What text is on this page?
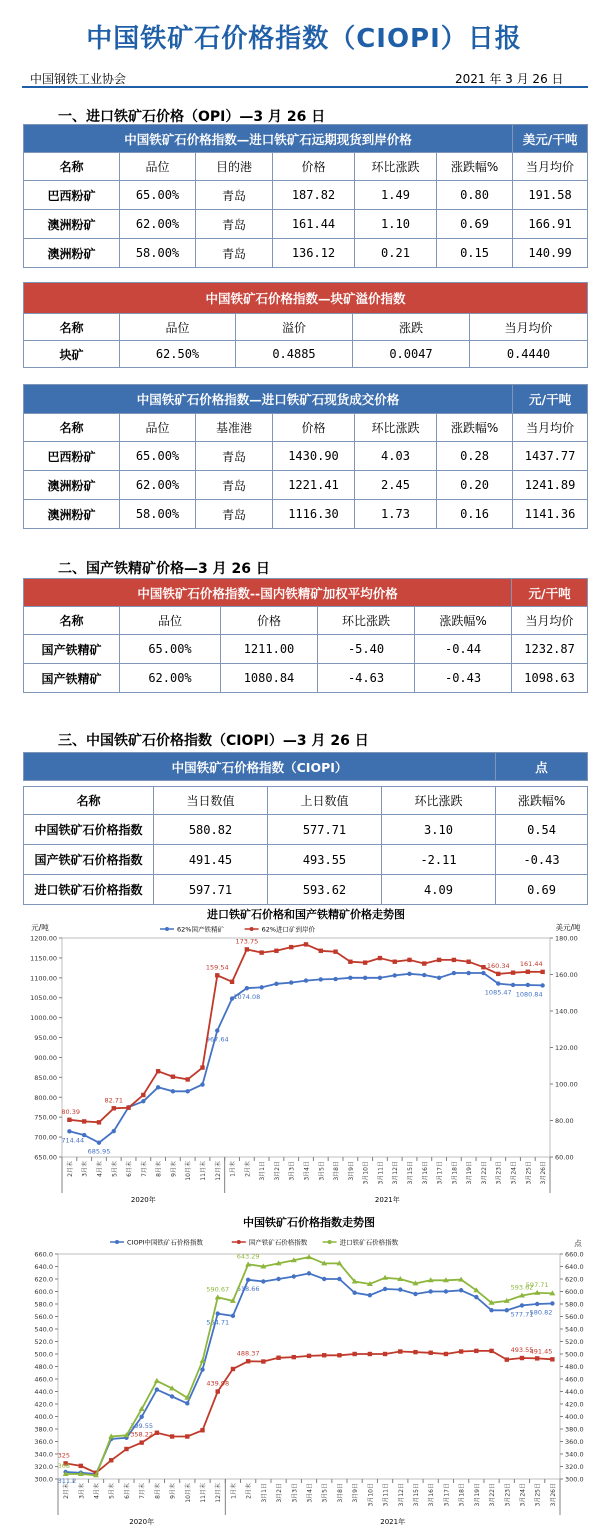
中国铁矿石价格指数（CIOPI）日报
中国钢铁工业协会	2021 年 3 月 26 日
一、进口铁矿石价格（OPI）—3 月 26 日
中国铁矿石价格指数—进口铁矿石远期现货到岸价格						美元/干吨
名称	品位	目的港	价格	环比涨跌	涨跌幅%	当月均价
巴西粉矿	65.00%	青岛	187.82	1.49	0.80	191.58
澳洲粉矿	62.00%	青岛	161.44	1.10	0.69	166.91
澳洲粉矿	58.00%	青岛	136.12	0.21	0.15	140.99
中国铁矿石价格指数—块矿溢价指数				
名称	品位	溢价	涨跌	当月均价
块矿	62.50%	0.4885	0.0047	0.4440
中国铁矿石价格指数—进口铁矿石现货成交价格						元/干吨
名称	品位	基准港	价格	环比涨跌	涨跌幅%	当月均价
巴西粉矿	65.00%	青岛	1430.90	4.03	0.28	1437.77
澳洲粉矿	62.00%	青岛	1221.41	2.45	0.20	1241.89
澳洲粉矿	58.00%	青岛	1116.30	1.73	0.16	1141.36
二、国产铁精矿价格—3 月 26 日
中国铁矿石价格指数--国内铁精矿加权平均价格					元/干吨
名称	品位	价格	环比涨跌	涨跌幅%	当月均价
国产铁精矿	65.00%	1211.00	-5.40	-0.44	1232.87
国产铁精矿	62.00%	1080.84	-4.63	-0.43	1098.63
三、中国铁矿石价格指数（CIOPI）—3 月 26 日
中国铁矿石价格指数（CIOPI）				点

名称	当日数值	上日数值	环比涨跌	涨跌幅%
中国铁矿石价格指数	580.82	577.71	3.10	0.54
国产铁矿石价格指数	491.45	493.55	-2.11	-0.43
进口铁矿石价格指数	597.71	593.62	4.09	0.69
进口铁矿石价格和国产铁精矿价格走势图
650.00
700.00
750.00
800.00
850.00
900.00
950.00
1000.00
1050.00
1100.00
1150.00
1200.00
60.00
80.00
100.00
120.00
140.00
160.00
180.00
元/吨	美元/吨
2月末 3月末 4月末 5月末 6月末 7月末 8月末 9月末 10月末 11月末 12月末 1月末 2月末 3月1日 3月2日 3月3日 3月4日 3月5日 3月8日 3月9日 3月10日 3月11日 3月12日 3月15日 3月16日 3月17日 3月18日 3月19日 3月22日 3月23日 3月24日 3月25日 3月26日
2020年	2021年
62%国产铁精矿	62%进口矿到岸价
714.44
685.95
967.64
1074.08
1085.47 1080.84
80.39
82.71
159.54
173.75
160.34 161.44
中国铁矿石价格指数走势图
300.0
320.0
340.0
360.0
380.0
400.0
420.0
440.0
460.0
480.0
500.0
520.0
540.0
560.0
580.0
600.0
620.0
640.0
660.0
300.0
320.0
340.0
360.0
380.0
400.0
420.0
440.0
460.0
480.0
500.0
520.0
540.0
560.0
580.0
600.0
620.0
640.0
660.0
点
2月末 3月末 4月末 5月末 6月末 7月末 8月末 9月末 10月末 11月末 12月末 1月末 2月末 3月1日 3月2日 3月3日 3月4日 3月5日 3月8日 3月9日 3月10日 3月11日 3月12日 3月15日 3月16日 3月17日 3月18日 3月19日 3月22日 3月23日 3月24日 3月25日 3月26日
2020年	2021年
CIOPI中国铁矿石价格指数	国产铁矿石价格指数	进口铁矿石价格指数
311.2
399.55
564.71
618.66
577.71
580.82
325
358.22
439.98
488.37	493.55
491.45
308
590.67
643.29
593.62
597.71
